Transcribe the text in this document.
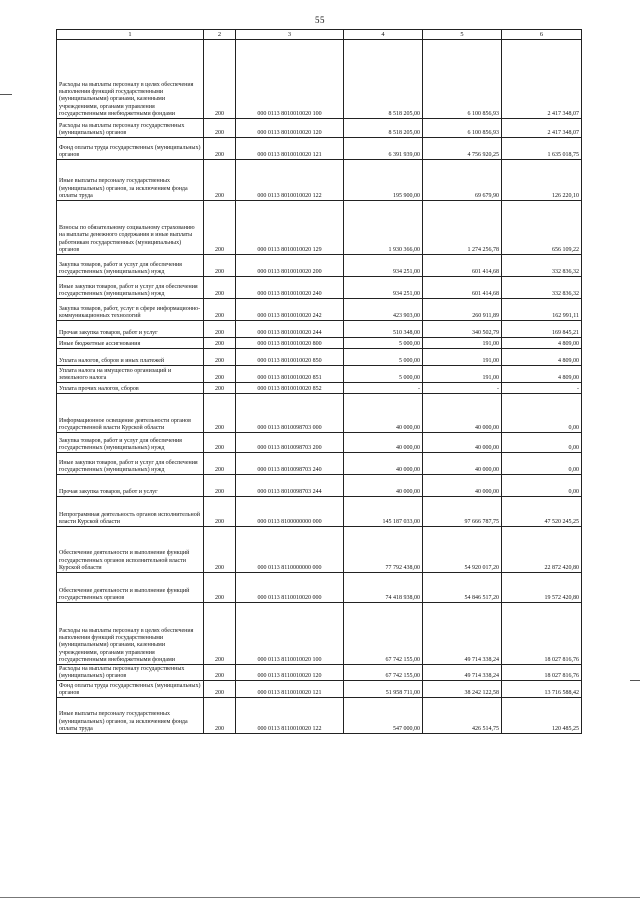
55
1	2	3	4	5	6
Расходы на выплаты персоналу в целях обеспечения выполнения функций государственными (муниципальными) органами, казенными учреждениями, органами управления государственными внебюджетными фондами	200	000 0113 8010010020 100	8 518 205,00	6 100 856,93	2 417 348,07
Расходы на выплаты персоналу государственных (муниципальных) органов	200	000 0113 8010010020 120	8 518 205,00	6 100 856,93	2 417 348,07
Фонд оплаты труда государственных (муниципальных) органов	200	000 0113 8010010020 121	6 391 939,00	4 756 920,25	1 635 018,75
Иные выплаты персоналу государственных (муниципальных) органов, за исключением фонда оплаты труда	200	000 0113 8010010020 122	195 900,00	69 679,90	126 220,10
Взносы по обязательному социальному страхованию на выплаты денежного содержания и иные выплаты работникам государственных (муниципальных) органов	200	000 0113 8010010020 129	1 930 366,00	1 274 256,78	656 109,22
Закупка товаров, работ и услуг для обеспечения государственных (муниципальных) нужд	200	000 0113 8010010020 200	934 251,00	601 414,68	332 836,32
Иные закупки товаров, работ и услуг для обеспечения государственных (муниципальных) нужд	200	000 0113 8010010020 240	934 251,00	601 414,68	332 836,32
Закупка товаров, работ, услуг в сфере информационно-коммуникационных технологий	200	000 0113 8010010020 242	423 903,00	260 911,89	162 991,11
Прочая закупка товаров, работ и услуг	200	000 0113 8010010020 244	510 348,00	340 502,79	169 845,21
Иные бюджетные ассигнования	200	000 0113 8010010020 800	5 000,00	191,00	4 809,00
Уплата налогов, сборов и иных платежей	200	000 0113 8010010020 850	5 000,00	191,00	4 809,00
Уплата налога на имущество организаций и земельного налога	200	000 0113 8010010020 851	5 000,00	191,00	4 809,00
Уплата прочих налогов, сборов	200	000 0113 8010010020 852	-	-	-
Информационное освещение деятельности органов государственной власти Курской области	200	000 0113 8010098703 000	40 000,00	40 000,00	0,00
Закупка товаров, работ и услуг для обеспечения государственных (муниципальных) нужд	200	000 0113 8010098703 200	40 000,00	40 000,00	0,00
Иные закупки товаров, работ и услуг для обеспечения государственных (муниципальных) нужд	200	000 0113 8010098703 240	40 000,00	40 000,00	0,00
Прочая закупка товаров, работ и услуг	200	000 0113 8010098703 244	40 000,00	40 000,00	0,00
Непрограммная деятельность органов исполнительной власти Курской области	200	000 0113 8100000000 000	145 187 033,00	97 666 787,75	47 520 245,25
Обеспечение деятельности и выполнение функций государственных органов исполнительной власти Курской области	200	000 0113 8110000000 000	77 792 438,00	54 920 017,20	22 872 420,80
Обеспечение деятельности и выполнение функций государственных органов	200	000 0113 8110010020 000	74 418 938,00	54 846 517,20	19 572 420,80
Расходы на выплаты персоналу в целях обеспечения выполнения функций государственными (муниципальными) органами, казенными учреждениями, органами управления государственными внебюджетными фондами	200	000 0113 8110010020 100	67 742 155,00	49 714 338,24	18 027 816,76
Расходы на выплаты персоналу государственных (муниципальных) органов	200	000 0113 8110010020 120	67 742 155,00	49 714 338,24	18 027 816,76
Фонд оплаты труда государственных (муниципальных) органов	200	000 0113 8110010020 121	51 958 711,00	38 242 122,58	13 716 588,42
Иные выплаты персоналу государственных (муниципальных) органов, за исключением фонда оплаты труда	200	000 0113 8110010020 122	547 000,00	426 514,75	120 485,25
